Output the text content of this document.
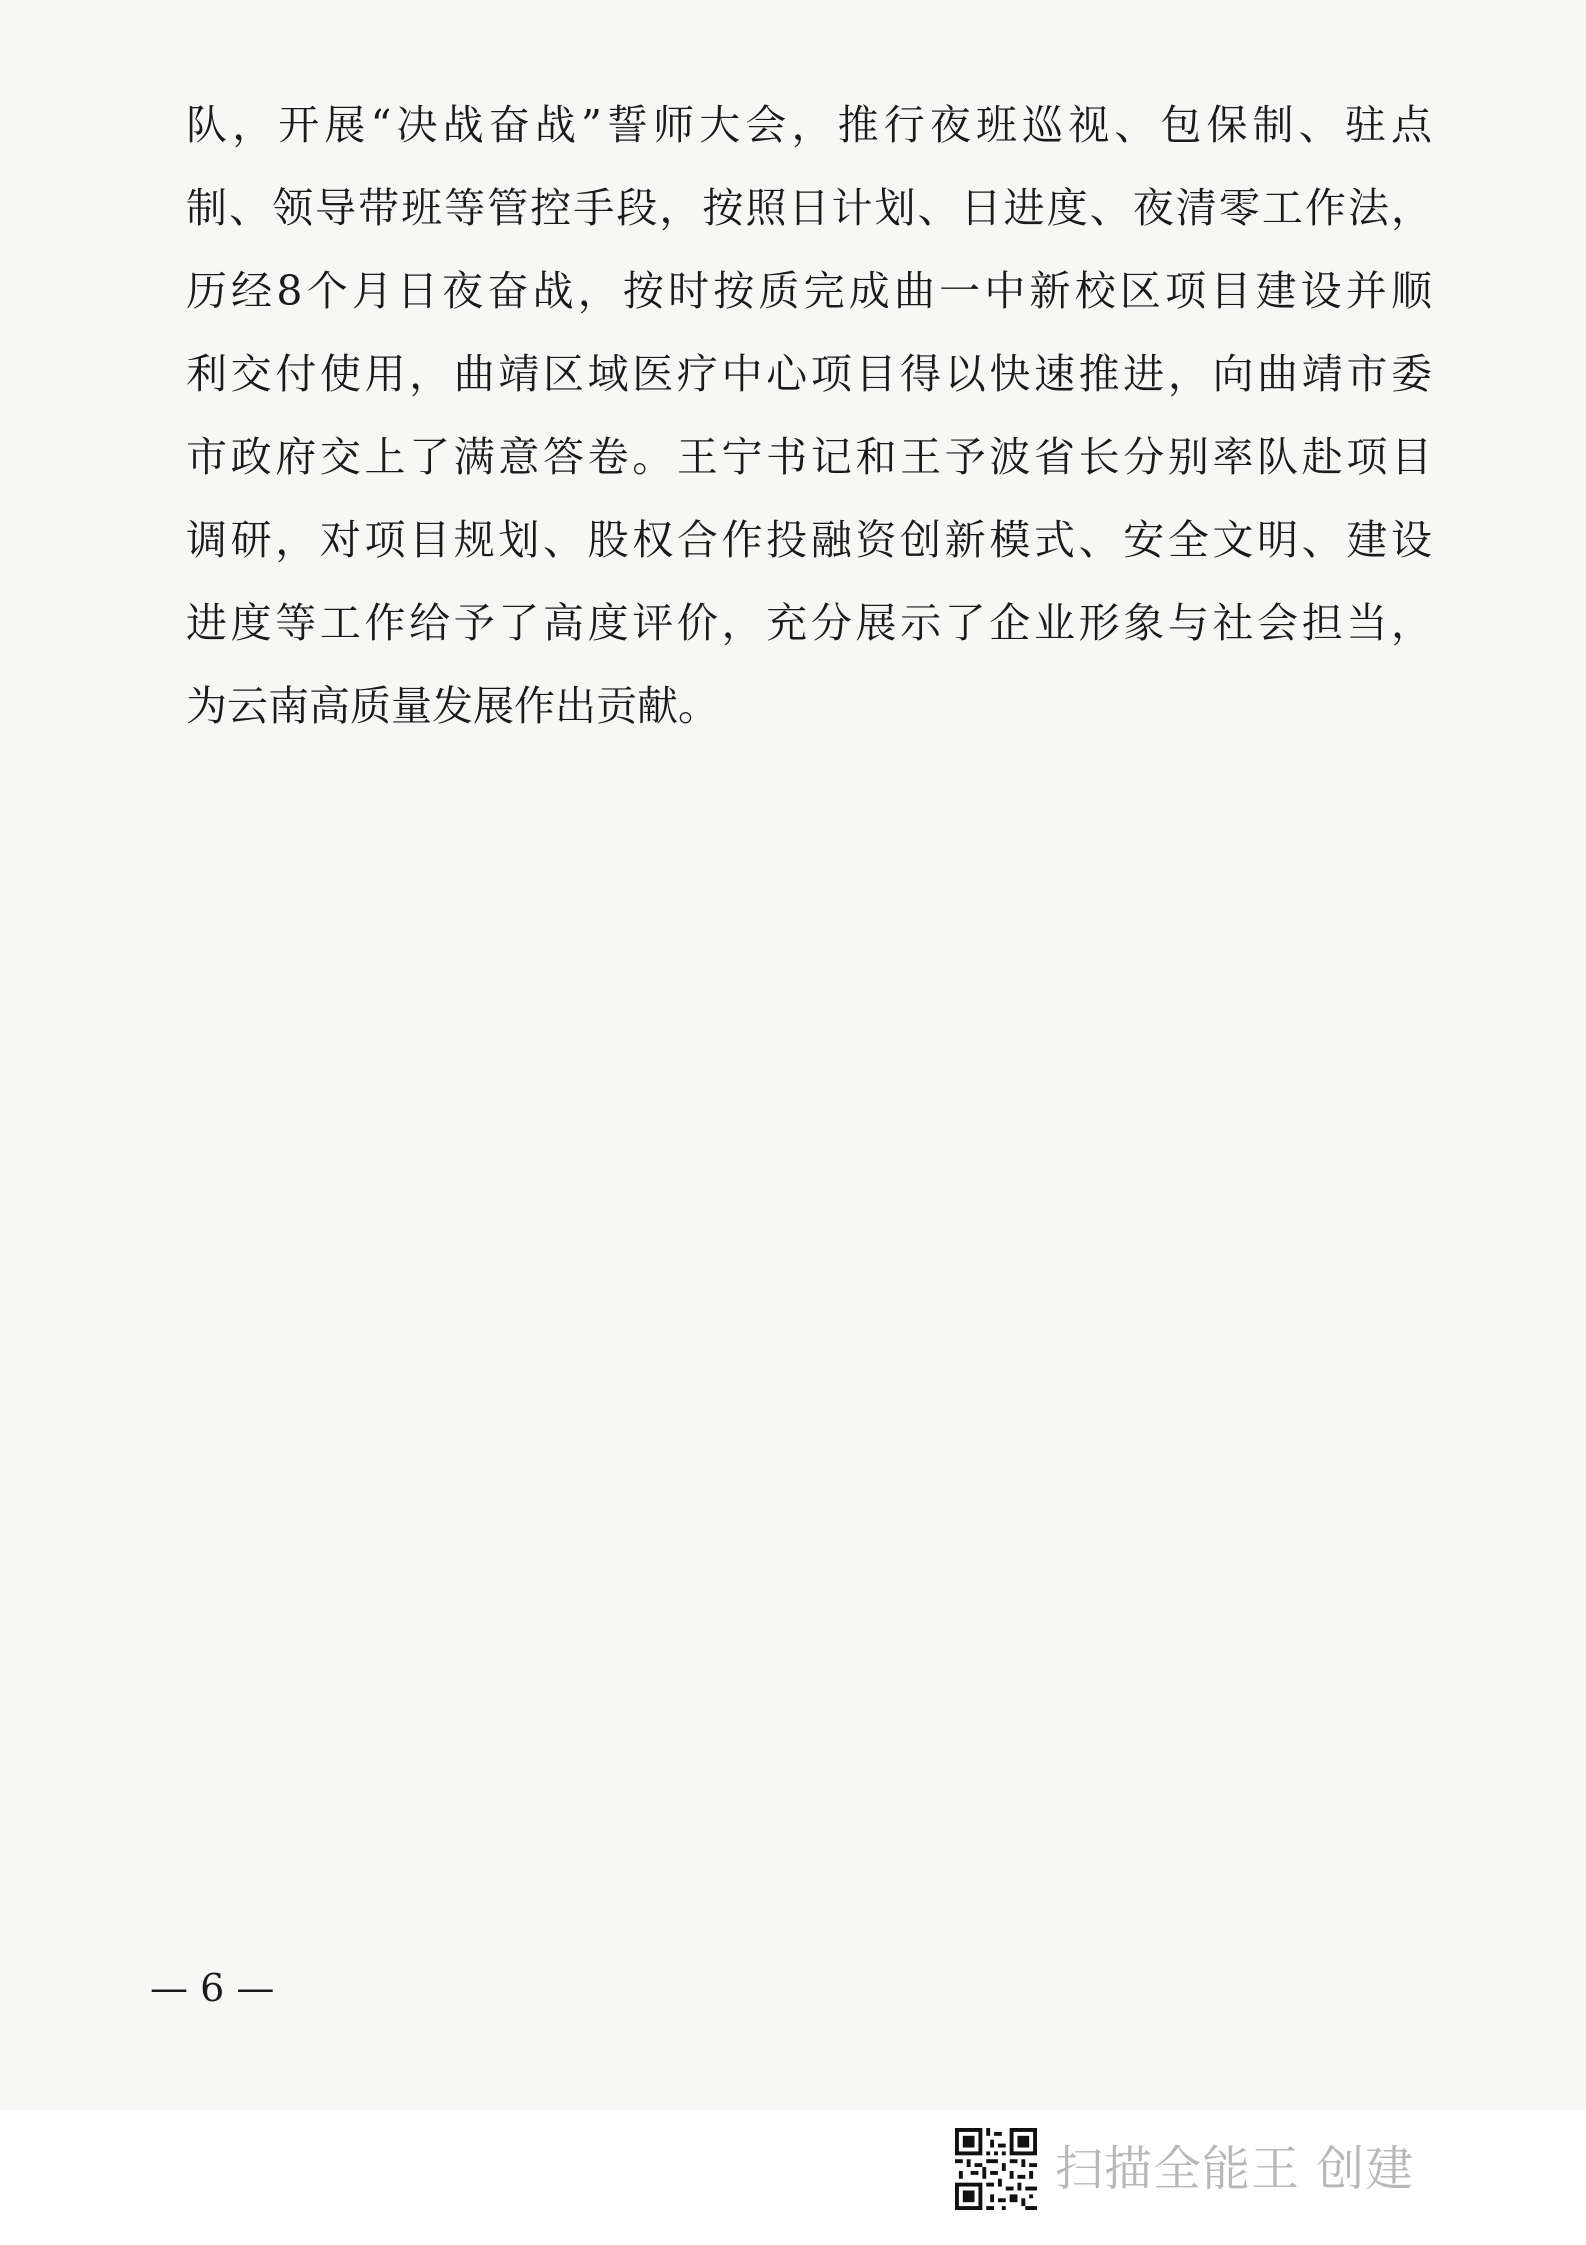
队，开展“决战奋战”誓师大会，推行夜班巡视、包保制、驻点
制、领导带班等管控手段，按照日计划、日进度、夜清零工作法，
历经8个月日夜奋战，按时按质完成曲一中新校区项目建设并顺
利交付使用，曲靖区域医疗中心项目得以快速推进，向曲靖市委
市政府交上了满意答卷。王宁书记和王予波省长分别率队赴项目
调研，对项目规划、股权合作投融资创新模式、安全文明、建设
进度等工作给予了高度评价，充分展示了企业形象与社会担当，
为云南高质量发展作出贡献。
— 6 —
扫描全能王 创建
